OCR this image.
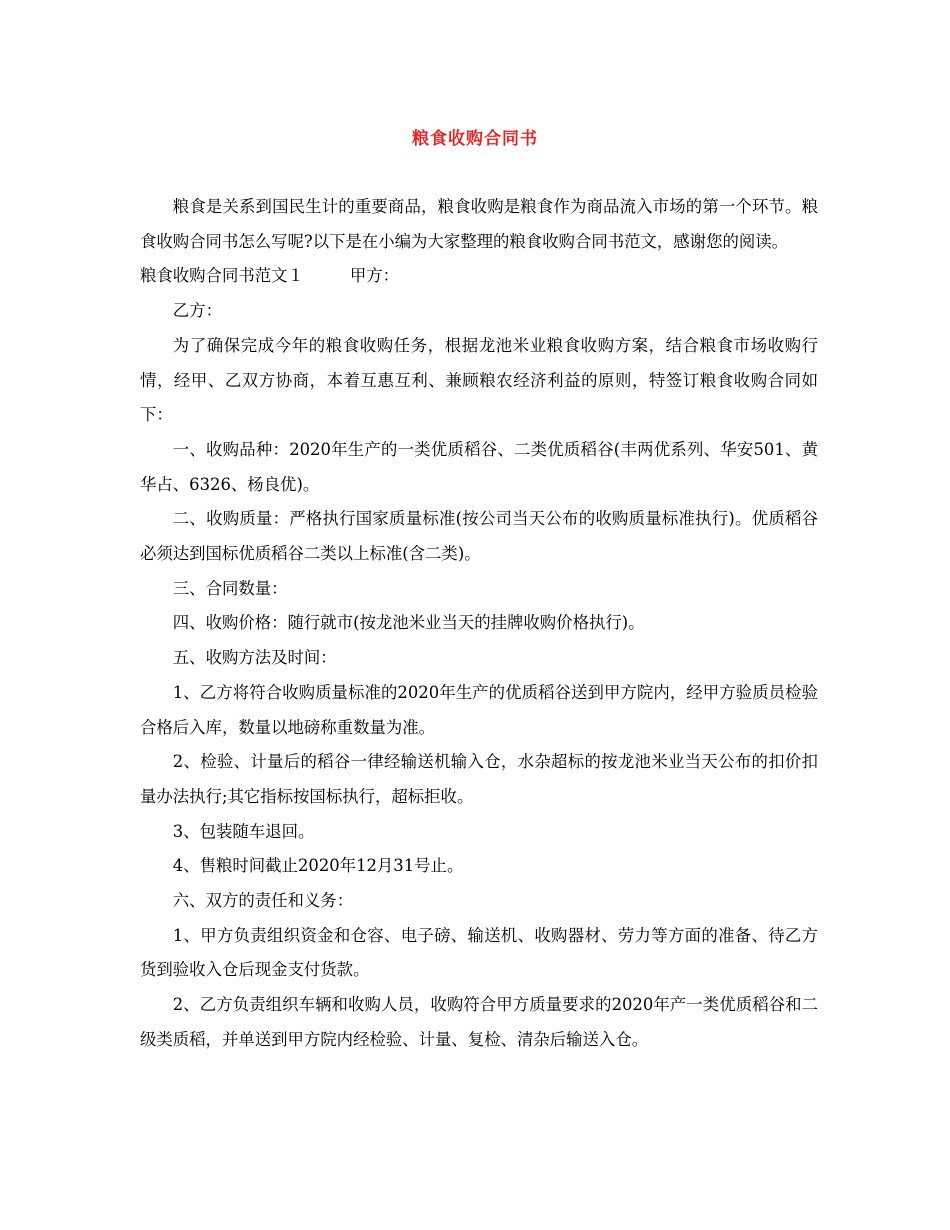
粮食收购合同书

粮食是关系到国民生计的重要商品，粮食收购是粮食作为商品流入市场的第一个环节。粮食收购合同书怎么写呢?以下是在小编为大家整理的粮食收购合同书范文，感谢您的阅读。

粮食收购合同书范文１	甲方：

乙方：

为了确保完成今年的粮食收购任务，根据龙池米业粮食收购方案，结合粮食市场收购行情，经甲、乙双方协商，本着互惠互利、兼顾粮农经济利益的原则，特签订粮食收购合同如下：

一、收购品种：2020年生产的一类优质稻谷、二类优质稻谷(丰两优系列、华安501、黄华占、6326、杨良优)。

二、收购质量：严格执行国家质量标准(按公司当天公布的收购质量标准执行)。优质稻谷必须达到国标优质稻谷二类以上标准(含二类)。

三、合同数量：

四、收购价格：随行就市(按龙池米业当天的挂牌收购价格执行)。

五、收购方法及时间：

1、乙方将符合收购质量标准的2020年生产的优质稻谷送到甲方院内，经甲方验质员检验合格后入库，数量以地磅称重数量为准。

2、检验、计量后的稻谷一律经输送机输入仓，水杂超标的按龙池米业当天公布的扣价扣量办法执行;其它指标按国标执行，超标拒收。

3、包装随车退回。

4、售粮时间截止2020年12月31号止。

六、双方的责任和义务：

1、甲方负责组织资金和仓容、电子磅、输送机、收购器材、劳力等方面的准备、待乙方货到验收入仓后现金支付货款。

2、乙方负责组织车辆和收购人员，收购符合甲方质量要求的2020年产一类优质稻谷和二级类质稻，并单送到甲方院内经检验、计量、复检、清杂后输送入仓。
